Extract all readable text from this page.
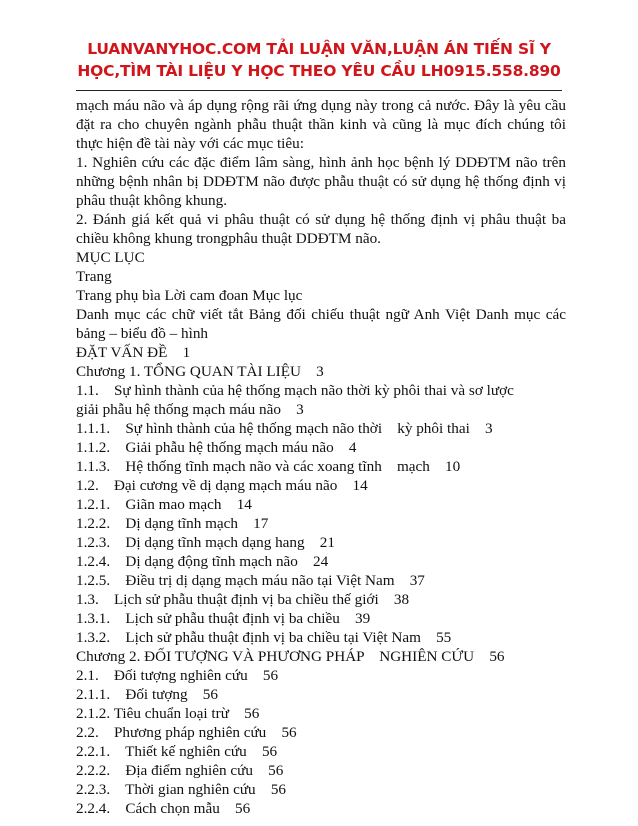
LUANVANYHOC.COM TẢI LUẬN VĂN,LUẬN ÁN TIẾN SĨ Y
HỌC,TÌM TÀI LIỆU Y HỌC THEO YÊU CẦU LH0915.558.890

mạch máu não và áp dụng rộng rãi ứng dụng này trong cả nước. Đây là yêu cầu đặt ra cho chuyên ngành phẫu thuật thần kinh và cũng là mục đích chúng tôi thực hiện đề tài này với các mục tiêu:

1. Nghiên cứu các đặc điểm lâm sàng, hình ảnh học bệnh lý DDĐTM não trên những bệnh nhân bị DDĐTM não được phẫu thuật có sử dụng hệ thống định vị phâu thuật không khung.

2. Đánh giá kết quả vi phâu thuật có sử dụng hệ thống định vị phâu thuật ba chiều không khung trongphâu thuật DDĐTM não.

MỤC LỤC

Trang

Trang phụ bìa Lời cam đoan Mục lục

Danh mục các chữ viết tắt Bảng đối chiếu thuật ngữ Anh Việt Danh mục các bảng – biểu đồ – hình

ĐẶT VẤN ĐỀ    1

Chương 1. TỔNG QUAN TÀI LIỆU    3

1.1.    Sự hình thành của hệ thống mạch não thời kỳ phôi thai và sơ lược

giải phẫu hệ thống mạch máu não    3

1.1.1.    Sự hình thành của hệ thống mạch não thời    kỳ phôi thai    3

1.1.2.    Giải phẫu hệ thống mạch máu não    4

1.1.3.    Hệ thống tĩnh mạch não và các xoang tĩnh    mạch    10

1.2.    Đại cương về dị dạng mạch máu não    14

1.2.1.    Giãn mao mạch    14

1.2.2.    Dị dạng tĩnh mạch    17

1.2.3.    Dị dạng tĩnh mạch dạng hang    21

1.2.4.    Dị dạng động tĩnh mạch não    24

1.2.5.    Điều trị dị dạng mạch máu não tại Việt Nam    37

1.3.    Lịch sử phẫu thuật định vị ba chiều thế giới    38

1.3.1.    Lịch sử phẫu thuật định vị ba chiều    39

1.3.2.    Lịch sử phẫu thuật định vị ba chiều tại Việt Nam    55

Chương 2. ĐỐI TƯỢNG VÀ PHƯƠNG PHÁP    NGHIÊN CỨU    56

2.1.    Đối tượng nghiên cứu    56

2.1.1.    Đối tượng    56

2.1.2. Tiêu chuẩn loại trừ    56

2.2.    Phương pháp nghiên cứu    56

2.2.1.    Thiết kế nghiên cứu    56

2.2.2.    Địa điểm nghiên cứu    56

2.2.3.    Thời gian nghiên cứu    56

2.2.4.    Cách chọn mẫu    56
